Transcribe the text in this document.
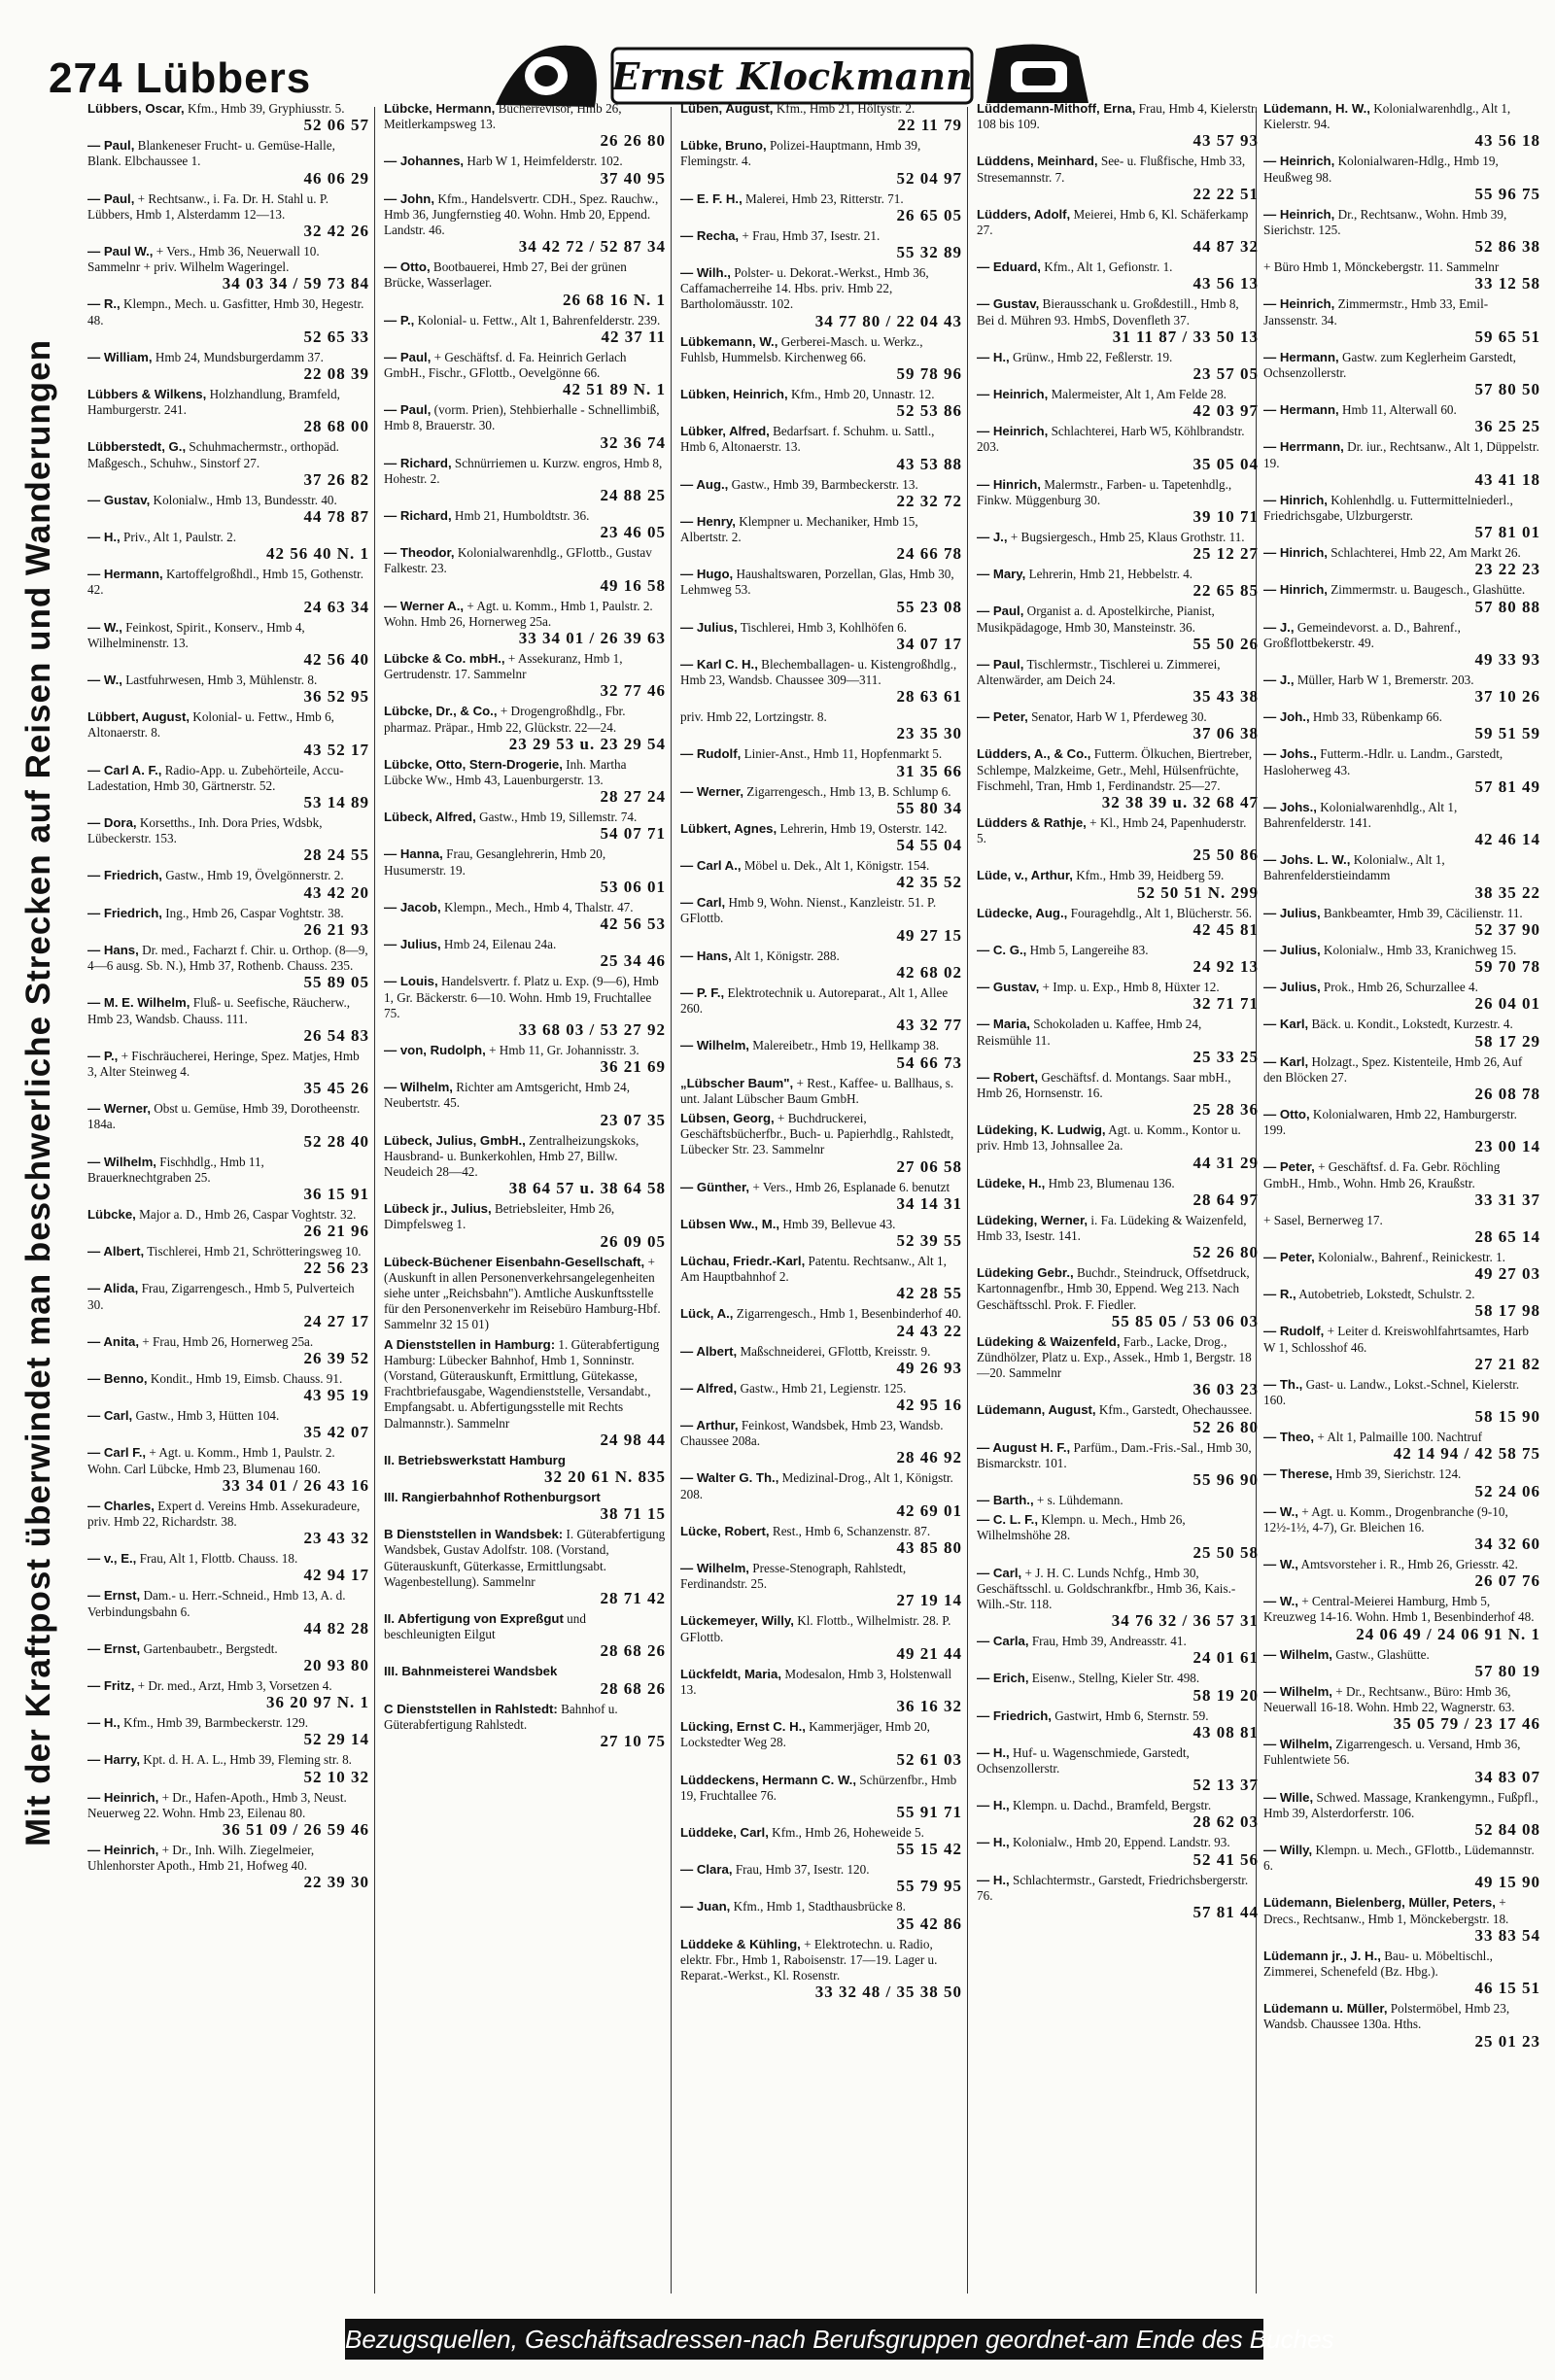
274 Lübbers	Ernst Klockmann
Mit der Kraftpost überwindet man beschwerliche Strecken auf Reisen und Wanderungen
Lübbers, Oscar, Kfm., Hmb 39, Gryphiusstr. 5.
52 06 57
— Paul, Blankeneser Frucht- u. Gemüse-Halle, Blank. Elbchaussee 1.
46 06 29
— Paul, + Rechtsanw., i. Fa. Dr. H. Stahl u. P. Lübbers, Hmb 1, Alsterdamm 12—13.
32 42 26
— Paul W., + Vers., Hmb 36, Neuerwall 10. Sammelnr + priv. Wilhelm Wageringel.
34 03 34 / 59 73 84
— R., Klempn., Mech. u. Gasfitter, Hmb 30, Hegestr. 48.
52 65 33
— William, Hmb 24, Mundsburgerdamm 37.
22 08 39
Lübbers & Wilkens, Holzhandlung, Bramfeld, Hamburgerstr. 241.
28 68 00
Lübberstedt, G., Schuhmachermstr., orthopäd. Maßgesch., Schuhw., Sinstorf 27.
37 26 82
— Gustav, Kolonialw., Hmb 13, Bundesstr. 40.
44 78 87
— H., Priv., Alt 1, Paulstr. 2.
42 56 40 N. 1
— Hermann, Kartoffelgroßhdl., Hmb 15, Gothenstr. 42.
24 63 34
— W., Feinkost, Spirit., Konserv., Hmb 4, Wilhelminenstr. 13.
42 56 40
— W., Lastfuhrwesen, Hmb 3, Mühlenstr. 8.
36 52 95
Lübbert, August, Kolonial- u. Fettw., Hmb 6, Altonaerstr. 8.
43 52 17
— Carl A. F., Radio-App. u. Zubehörteile, Accu-Ladestation, Hmb 30, Gärtnerstr. 52.
53 14 89
— Dora, Korsetths., Inh. Dora Pries, Wdsbk, Lübeckerstr. 153.
28 24 55
— Friedrich, Gastw., Hmb 19, Övelgönnerstr. 2.
43 42 20
— Friedrich, Ing., Hmb 26, Caspar Voghtstr. 38.
26 21 93
— Hans, Dr. med., Facharzt f. Chir. u. Orthop. (8—9, 4—6 ausg. Sb. N.), Hmb 37, Rothenb. Chauss. 235.
55 89 05
— M. E. Wilhelm, Fluß- u. Seefische, Räucherw., Hmb 23, Wandsb. Chauss. 111.
26 54 83
— P., + Fischräucherei, Heringe, Spez. Matjes, Hmb 3, Alter Steinweg 4.
35 45 26
— Werner, Obst u. Gemüse, Hmb 39, Dorotheenstr. 184a.
52 28 40
— Wilhelm, Fischhdlg., Hmb 11, Brauerknechtgraben 25.
36 15 91
Lübcke, Major a. D., Hmb 26, Caspar Voghtstr. 32.
26 21 96
— Albert, Tischlerei, Hmb 21, Schrötteringsweg 10.
22 56 23
— Alida, Frau, Zigarrengesch., Hmb 5, Pulverteich 30.
24 27 17
— Anita, + Frau, Hmb 26, Hornerweg 25a.
26 39 52
— Benno, Kondit., Hmb 19, Eimsb. Chauss. 91.
43 95 19
— Carl, Gastw., Hmb 3, Hütten 104.
35 42 07
— Carl F., + Agt. u. Komm., Hmb 1, Paulstr. 2. Wohn. Carl Lübcke, Hmb 23, Blumenau 160.
33 34 01 / 26 43 16
— Charles, Expert d. Vereins Hmb. Assekuradeure, priv. Hmb 22, Richardstr. 38.
23 43 32
— v., E., Frau, Alt 1, Flottb. Chauss. 18.
42 94 17
— Ernst, Dam.- u. Herr.-Schneid., Hmb 13, A. d. Verbindungsbahn 6.
44 82 28
— Ernst, Gartenbaubetr., Bergstedt.
20 93 80
— Fritz, + Dr. med., Arzt, Hmb 3, Vorsetzen 4.
36 20 97 N. 1
— H., Kfm., Hmb 39, Barmbeckerstr. 129.
52 29 14
— Harry, Kpt. d. H. A. L., Hmb 39, Fleming str. 8.
52 10 32
— Heinrich, + Dr., Hafen-Apoth., Hmb 3, Neust. Neuerweg 22. Wohn. Hmb 23, Eilenau 80.
36 51 09 / 26 59 46
— Heinrich, + Dr., Inh. Wilh. Ziegelmeier, Uhlenhorster Apoth., Hmb 21, Hofweg 40.
22 39 30
Lübcke, Hermann, Bücherrevisor, Hmb 26, Meitlerkampsweg 13.
26 26 80
— Johannes, Harb W 1, Heimfelderstr. 102.
37 40 95
— John, Kfm., Handelsvertr. CDH., Spez. Rauchw., Hmb 36, Jungfernstieg 40. Wohn. Hmb 20, Eppend. Landstr. 46.
34 42 72 / 52 87 34
— Otto, Bootbauerei, Hmb 27, Bei der grünen Brücke, Wasserlager.
26 68 16 N. 1
— P., Kolonial- u. Fettw., Alt 1, Bahrenfelderstr. 239.
42 37 11
— Paul, + Geschäftsf. d. Fa. Heinrich Gerlach GmbH., Fischr., GFlottb., Oevelgönne 66.
42 51 89 N. 1
— Paul, (vorm. Prien), Stehbierhalle - Schnellimbiß, Hmb 8, Brauerstr. 30.
32 36 74
— Richard, Schnürriemen u. Kurzw. engros, Hmb 8, Hohestr. 2.
24 88 25
— Richard, Hmb 21, Humboldtstr. 36.
23 46 05
— Theodor, Kolonialwarenhdlg., GFlottb., Gustav Falkestr. 23.
49 16 58
— Werner A., + Agt. u. Komm., Hmb 1, Paulstr. 2. Wohn. Hmb 26, Hornerweg 25a.
33 34 01 / 26 39 63
Lübcke & Co. mbH., + Assekuranz, Hmb 1, Gertrudenstr. 17. Sammelnr
32 77 46
Lübcke, Dr., & Co., + Drogengroßhdlg., Fbr. pharmaz. Präpar., Hmb 22, Glückstr. 22—24.
23 29 53 u. 23 29 54
Lübcke, Otto, Stern-Drogerie, Inh. Martha Lübcke Ww., Hmb 43, Lauenburgerstr. 13.
28 27 24
Lübeck, Alfred, Gastw., Hmb 19, Sillemstr. 74.
54 07 71
— Hanna, Frau, Gesanglehrerin, Hmb 20, Husumerstr. 19.
53 06 01
— Jacob, Klempn., Mech., Hmb 4, Thalstr. 47.
42 56 53
— Julius, Hmb 24, Eilenau 24a.
25 34 46
— Louis, Handelsvertr. f. Platz u. Exp. (9—6), Hmb 1, Gr. Bäckerstr. 6—10. Wohn. Hmb 19, Fruchtallee 75.
33 68 03 / 53 27 92
— von, Rudolph, + Hmb 11, Gr. Johannisstr. 3.
36 21 69
— Wilhelm, Richter am Amtsgericht, Hmb 24, Neubertstr. 45.
23 07 35
Lübeck, Julius, GmbH., Zentralheizungskoks, Hausbrand- u. Bunkerkohlen, Hmb 27, Billw. Neudeich 28—42.
38 64 57 u. 38 64 58
Lübeck jr., Julius, Betriebsleiter, Hmb 26, Dimpfelsweg 1.
26 09 05
Lübeck-Büchener Eisenbahn-Gesellschaft, + (Auskunft in allen Personenverkehrsangelegenheiten siehe unter „Reichsbahn"). Amtliche Auskunftsstelle für den Personenverkehr im Reisebüro Hamburg-Hbf. Sammelnr 32 15 01)
A Dienststellen in Hamburg: 1. Güterabfertigung Hamburg: Lübecker Bahnhof, Hmb 1, Sonninstr. (Vorstand, Güterauskunft, Ermittlung, Gütekasse, Frachtbriefausgabe, Wagendienststelle, Versandabt., Empfangsabt. u. Abfertigungsstelle mit Rechts Dalmannstr.). Sammelnr
24 98 44
II. Betriebswerkstatt Hamburg
32 20 61 N. 835
III. Rangierbahnhof Rothenburgsort
38 71 15
B Dienststellen in Wandsbek: I. Güterabfertigung Wandsbek, Gustav Adolfstr. 108. (Vorstand, Güterauskunft, Güterkasse, Ermittlungsabt. Wagenbestellung). Sammelnr
28 71 42
II. Abfertigung von Expreßgut und beschleunigten Eilgut
28 68 26
III. Bahnmeisterei Wandsbek
28 68 26
C Dienststellen in Rahlstedt: Bahnhof u. Güterabfertigung Rahlstedt.
27 10 75
Lüben, August, Kfm., Hmb 21, Höltystr. 2.
22 11 79
Lübke, Bruno, Polizei-Hauptmann, Hmb 39, Flemingstr. 4.
52 04 97
— E. F. H., Malerei, Hmb 23, Ritterstr. 71.
26 65 05
— Recha, + Frau, Hmb 37, Isestr. 21.
55 32 89
— Wilh., Polster- u. Dekorat.-Werkst., Hmb 36, Caffamacherreihe 14. Hbs. priv. Hmb 22, Bartholomäusstr. 102.
34 77 80 / 22 04 43
Lübkemann, W., Gerberei-Masch. u. Werkz., Fuhlsb, Hummelsb. Kirchenweg 66.
59 78 96
Lübken, Heinrich, Kfm., Hmb 20, Unnastr. 12.
52 53 86
Lübker, Alfred, Bedarfsart. f. Schuhm. u. Sattl., Hmb 6, Altonaerstr. 13.
43 53 88
— Aug., Gastw., Hmb 39, Barmbeckerstr. 13.
22 32 72
— Henry, Klempner u. Mechaniker, Hmb 15, Albertstr. 2.
24 66 78
— Hugo, Haushaltswaren, Porzellan, Glas, Hmb 30, Lehmweg 53.
55 23 08
— Julius, Tischlerei, Hmb 3, Kohlhöfen 6.
34 07 17
— Karl C. H., Blechemballagen- u. Kistengroßhdlg., Hmb 23, Wandsb. Chaussee 309—311.
28 63 61
priv. Hmb 22, Lortzingstr. 8.
23 35 30
— Rudolf, Linier-Anst., Hmb 11, Hopfenmarkt 5.
31 35 66
— Werner, Zigarrengesch., Hmb 13, B. Schlump 6.
55 80 34
Lübkert, Agnes, Lehrerin, Hmb 19, Osterstr. 142.
54 55 04
— Carl A., Möbel u. Dek., Alt 1, Königstr. 154.
42 35 52
— Carl, Hmb 9, Wohn. Nienst., Kanzleistr. 51. P. GFlottb.
49 27 15
— Hans, Alt 1, Königstr. 288.
42 68 02
— P. F., Elektrotechnik u. Autoreparat., Alt 1, Allee 260.
43 32 77
— Wilhelm, Malereibetr., Hmb 19, Hellkamp 38.
54 66 73
„Lübscher Baum", + Rest., Kaffee- u. Ballhaus, s. unt. Jalant Lübscher Baum GmbH.
Lübsen, Georg, + Buchdruckerei, Geschäftsbücherfbr., Buch- u. Papierhdlg., Rahlstedt, Lübecker Str. 23. Sammelnr
27 06 58
— Günther, + Vers., Hmb 26, Esplanade 6. benutzt
34 14 31
Lübsen Ww., M., Hmb 39, Bellevue 43.
52 39 55
Lüchau, Friedr.-Karl, Patentu. Rechtsanw., Alt 1, Am Hauptbahnhof 2.
42 28 55
Lück, A., Zigarrengesch., Hmb 1, Besenbinderhof 40.
24 43 22
— Albert, Maßschneiderei, GFlottb, Kreisstr. 9.
49 26 93
— Alfred, Gastw., Hmb 21, Legienstr. 125.
42 95 16
— Arthur, Feinkost, Wandsbek, Hmb 23, Wandsb. Chaussee 208a.
28 46 92
— Walter G. Th., Medizinal-Drog., Alt 1, Königstr. 208.
42 69 01
Lücke, Robert, Rest., Hmb 6, Schanzenstr. 87.
43 85 80
— Wilhelm, Presse-Stenograph, Rahlstedt, Ferdinandstr. 25.
27 19 14
Lückemeyer, Willy, Kl. Flottb., Wilhelmistr. 28. P. GFlottb.
49 21 44
Lückfeldt, Maria, Modesalon, Hmb 3, Holstenwall 13.
36 16 32
Lücking, Ernst C. H., Kammerjäger, Hmb 20, Lockstedter Weg 28.
52 61 03
Lüddeckens, Hermann C. W., Schürzenfbr., Hmb 19, Fruchtallee 76.
55 91 71
Lüddeke, Carl, Kfm., Hmb 26, Hoheweide 5.
55 15 42
— Clara, Frau, Hmb 37, Isestr. 120.
55 79 95
— Juan, Kfm., Hmb 1, Stadthausbrücke 8.
35 42 86
Lüddeke & Kühling, + Elektrotechn. u. Radio, elektr. Fbr., Hmb 1, Raboisenstr. 17—19. Lager u. Reparat.-Werkst., Kl. Rosenstr.
33 32 48 / 35 38 50
Lüddemann-Mithoff, Erna, Frau, Hmb 4, Kielerstr. 108 bis 109.
43 57 93
Lüddens, Meinhard, See- u. Flußfische, Hmb 33, Stresemannstr. 7.
22 22 51
Lüdders, Adolf, Meierei, Hmb 6, Kl. Schäferkamp 27.
44 87 32
— Eduard, Kfm., Alt 1, Gefionstr. 1.
43 56 13
— Gustav, Bierausschank u. Großdestill., Hmb 8, Bei d. Mühren 93. HmbS, Dovenfleth 37.
31 11 87 / 33 50 13
— H., Grünw., Hmb 22, Feßlerstr. 19.
23 57 05
— Heinrich, Malermeister, Alt 1, Am Felde 28.
42 03 97
— Heinrich, Schlachterei, Harb W5, Köhlbrandstr. 203.
35 05 04
— Hinrich, Malermstr., Farben- u. Tapetenhdlg., Finkw. Müggenburg 30.
39 10 71
— J., + Bugsiergesch., Hmb 25, Klaus Grothstr. 11.
25 12 27
— Mary, Lehrerin, Hmb 21, Hebbelstr. 4.
22 65 85
— Paul, Organist a. d. Apostelkirche, Pianist, Musikpädagoge, Hmb 30, Mansteinstr. 36.
55 50 26
— Paul, Tischlermstr., Tischlerei u. Zimmerei, Altenwärder, am Deich 24.
35 43 38
— Peter, Senator, Harb W 1, Pferdeweg 30.
37 06 38
Lüdders, A., & Co., Futterm. Ölkuchen, Biertreber, Schlempe, Malzkeime, Getr., Mehl, Hülsenfrüchte, Fischmehl, Tran, Hmb 1, Ferdinandstr. 25—27.
32 38 39 u. 32 68 47
Lüdders & Rathje, + Kl., Hmb 24, Papenhuderstr. 5.
25 50 86
Lüde, v., Arthur, Kfm., Hmb 39, Heidberg 59.
52 50 51 N. 299
Lüdecke, Aug., Fouragehdlg., Alt 1, Blücherstr. 56.
42 45 81
— C. G., Hmb 5, Langereihe 83.
24 92 13
— Gustav, + Imp. u. Exp., Hmb 8, Hüxter 12.
32 71 71
— Maria, Schokoladen u. Kaffee, Hmb 24, Reismühle 11.
25 33 25
— Robert, Geschäftsf. d. Montangs. Saar mbH., Hmb 26, Hornsenstr. 16.
25 28 36
Lüdeking, K. Ludwig, Agt. u. Komm., Kontor u. priv. Hmb 13, Johnsallee 2a.
44 31 29
Lüdeke, H., Hmb 23, Blumenau 136.
28 64 97
Lüdeking, Werner, i. Fa. Lüdeking & Waizenfeld, Hmb 33, Isestr. 141.
52 26 80
Lüdeking Gebr., Buchdr., Steindruck, Offsetdruck, Kartonnagenfbr., Hmb 30, Eppend. Weg 213. Nach Geschäftsschl. Prok. F. Fiedler.
55 85 05 / 53 06 03
Lüdeking & Waizenfeld, Farb., Lacke, Drog., Zündhölzer, Platz u. Exp., Assek., Hmb 1, Bergstr. 18—20. Sammelnr
36 03 23
Lüdemann, August, Kfm., Garstedt, Ohechaussee.
52 26 80
— August H. F., Parfüm., Dam.-Fris.-Sal., Hmb 30, Bismarckstr. 101.
55 96 90
— Barth., + s. Lühdemann.
— C. L. F., Klempn. u. Mech., Hmb 26, Wilhelmshöhe 28.
25 50 58
— Carl, + J. H. C. Lunds Nchfg., Hmb 30, Geschäftsschl. u. Goldschrankfbr., Hmb 36, Kais.-Wilh.-Str. 118.
34 76 32 / 36 57 31
— Carla, Frau, Hmb 39, Andreasstr. 41.
24 01 61
— Erich, Eisenw., Stellng, Kieler Str. 498.
58 19 20
— Friedrich, Gastwirt, Hmb 6, Sternstr. 59.
43 08 81
— H., Huf- u. Wagenschmiede, Garstedt, Ochsenzollerstr.
52 13 37
— H., Klempn. u. Dachd., Bramfeld, Bergstr.
28 62 03
— H., Kolonialw., Hmb 20, Eppend. Landstr. 93.
52 41 56
— H., Schlachtermstr., Garstedt, Friedrichsbergerstr. 76.
57 81 44
Lüdemann, H. W., Kolonialwarenhdlg., Alt 1, Kielerstr. 94.
43 56 18
— Heinrich, Kolonialwaren-Hdlg., Hmb 19, Heußweg 98.
55 96 75
— Heinrich, Dr., Rechtsanw., Wohn. Hmb 39, Sierichstr. 125.
52 86 38
+ Büro Hmb 1, Mönckebergstr. 11. Sammelnr
33 12 58
— Heinrich, Zimmermstr., Hmb 33, Emil-Janssenstr. 34.
59 65 51
— Hermann, Gastw. zum Keglerheim Garstedt, Ochsenzollerstr.
57 80 50
— Hermann, Hmb 11, Alterwall 60.
36 25 25
— Herrmann, Dr. iur., Rechtsanw., Alt 1, Düppelstr. 19.
43 41 18
— Hinrich, Kohlenhdlg. u. Futtermittelniederl., Friedrichsgabe, Ulzburgerstr.
57 81 01
— Hinrich, Schlachterei, Hmb 22, Am Markt 26.
23 22 23
— Hinrich, Zimmermstr. u. Baugesch., Glashütte.
57 80 88
— J., Gemeindevorst. a. D., Bahrenf., Großflottbekerstr. 49.
49 33 93
— J., Müller, Harb W 1, Bremerstr. 203.
37 10 26
— Joh., Hmb 33, Rübenkamp 66.
59 51 59
— Johs., Futterm.-Hdlr. u. Landm., Garstedt, Hasloherweg 43.
57 81 49
— Johs., Kolonialwarenhdlg., Alt 1, Bahrenfelderstr. 141.
42 46 14
— Johs. L. W., Kolonialw., Alt 1, Bahrenfelderstieindamm
38 35 22
— Julius, Bankbeamter, Hmb 39, Cäcilienstr. 11.
52 37 90
— Julius, Kolonialw., Hmb 33, Kranichweg 15.
59 70 78
— Julius, Prok., Hmb 26, Schurzallee 4.
26 04 01
— Karl, Bäck. u. Kondit., Lokstedt, Kurzestr. 4.
58 17 29
— Karl, Holzagt., Spez. Kistenteile, Hmb 26, Auf den Blöcken 27.
26 08 78
— Otto, Kolonialwaren, Hmb 22, Hamburgerstr. 199.
23 00 14
— Peter, + Geschäftsf. d. Fa. Gebr. Röchling GmbH., Hmb., Wohn. Hmb 26, Kraußstr.
33 31 37
+ Sasel, Bernerweg 17.
28 65 14
— Peter, Kolonialw., Bahrenf., Reinickestr. 1.
49 27 03
— R., Autobetrieb, Lokstedt, Schulstr. 2.
58 17 98
— Rudolf, + Leiter d. Kreiswohlfahrtsamtes, Harb W 1, Schlosshof 46.
27 21 82
— Th., Gast- u. Landw., Lokst.-Schnel, Kielerstr. 160.
58 15 90
— Theo, + Alt 1, Palmaille 100. Nachtruf
42 14 94 / 42 58 75
— Therese, Hmb 39, Sierichstr. 124.
52 24 06
— W., + Agt. u. Komm., Drogenbranche (9-10, 12½-1½, 4-7), Gr. Bleichen 16.
34 32 60
— W., Amtsvorsteher i. R., Hmb 26, Griesstr. 42.
26 07 76
— W., + Central-Meierei Hamburg, Hmb 5, Kreuzweg 14-16. Wohn. Hmb 1, Besenbinderhof 48.
24 06 49 / 24 06 91 N. 1
— Wilhelm, Gastw., Glashütte.
57 80 19
— Wilhelm, + Dr., Rechtsanw., Büro: Hmb 36, Neuerwall 16-18. Wohn. Hmb 22, Wagnerstr. 63.
35 05 79 / 23 17 46
— Wilhelm, Zigarrengesch. u. Versand, Hmb 36, Fuhlentwiete 56.
34 83 07
— Wille, Schwed. Massage, Krankengymn., Fußpfl., Hmb 39, Alsterdorferstr. 106.
52 84 08
— Willy, Klempn. u. Mech., GFlottb., Lüdemannstr. 6.
49 15 90
Lüdemann, Bielenberg, Müller, Peters, + Drecs., Rechtsanw., Hmb 1, Mönckebergstr. 18.
33 83 54
Lüdemann jr., J. H., Bau- u. Möbeltischl., Zimmerei, Schenefeld (Bz. Hbg.).
46 15 51
Lüdemann u. Müller, Polstermöbel, Hmb 23, Wandsb. Chaussee 130a. Hths.
25 01 23
Bezugsquellen, Geschäftsadressen-nach Berufsgruppen geordnet-am Ende des Buches
